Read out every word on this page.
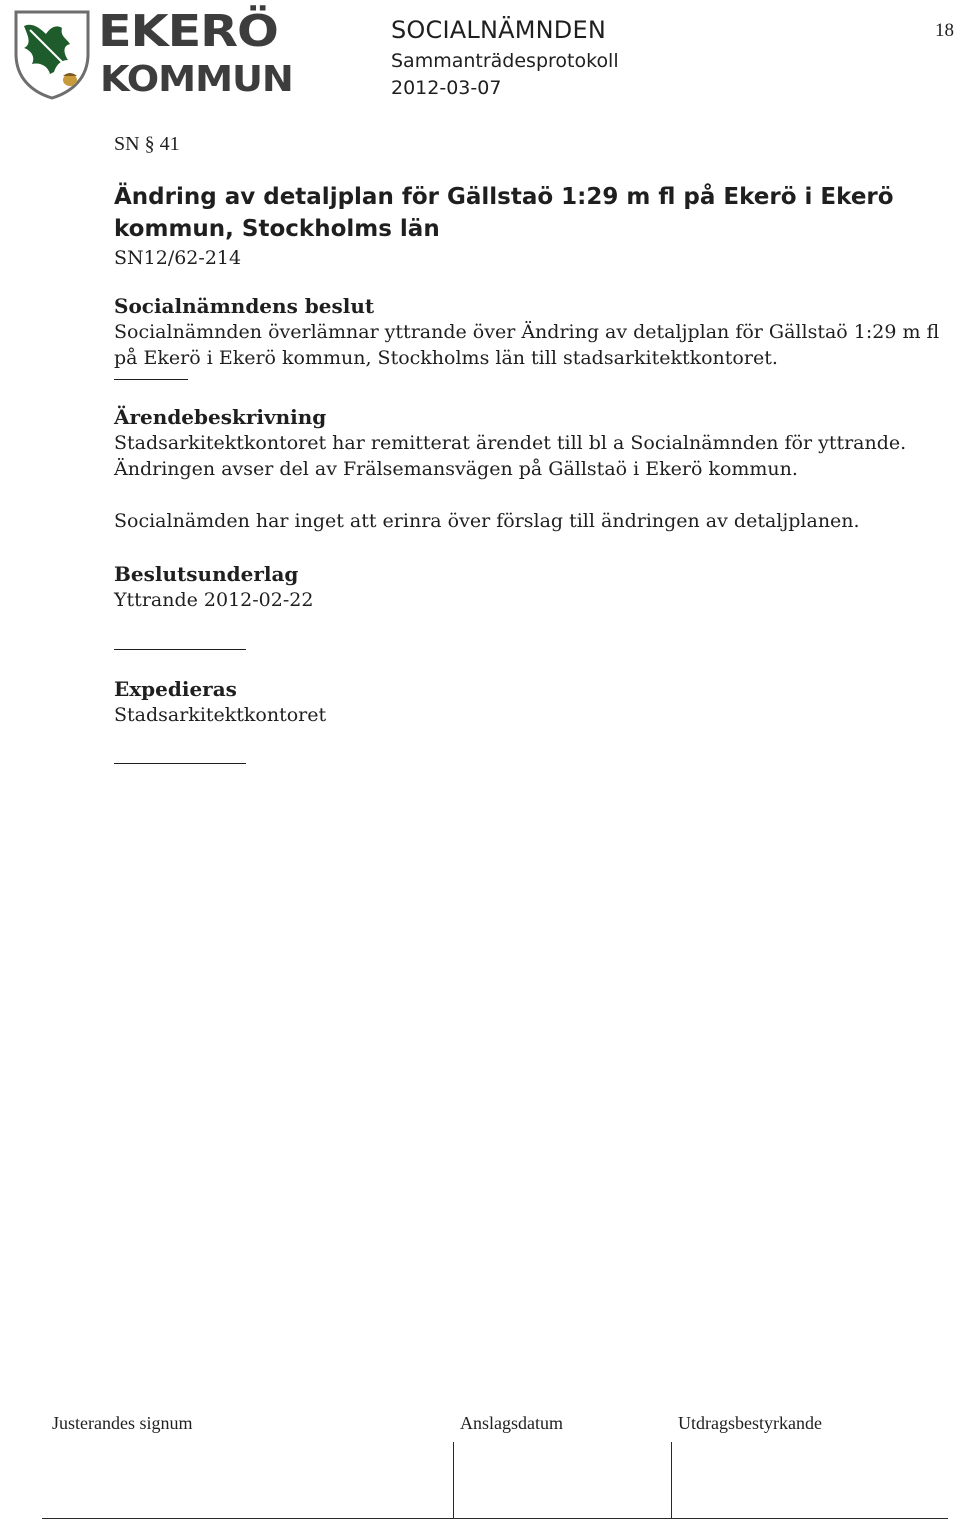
EKERÖ
KOMMUN
SOCIALNÄMNDEN
Sammanträdesprotokoll
2012-03-07
18

SN § 41

Ändring av detaljplan för Gällstaö 1:29 m fl på Ekerö i Ekerö kommun, Stockholms län

SN12/62-214

Socialnämndens beslut

Socialnämnden överlämnar yttrande över Ändring av detaljplan för Gällstaö 1:29 m fl på Ekerö i Ekerö kommun, Stockholms län till stadsarkitektkontoret.

Ärendebeskrivning

Stadsarkitektkontoret har remitterat ärendet till bl a Socialnämnden för yttrande. Ändringen avser del av Frälsemansvägen på Gällstaö i Ekerö kommun.

Socialnämden har inget att erinra över förslag till ändringen av detaljplanen.

Beslutsunderlag

Yttrande 2012-02-22

Expedieras

Stadsarkitektkontoret

Justerandes signum	Anslagsdatum	Utdragsbestyrkande
